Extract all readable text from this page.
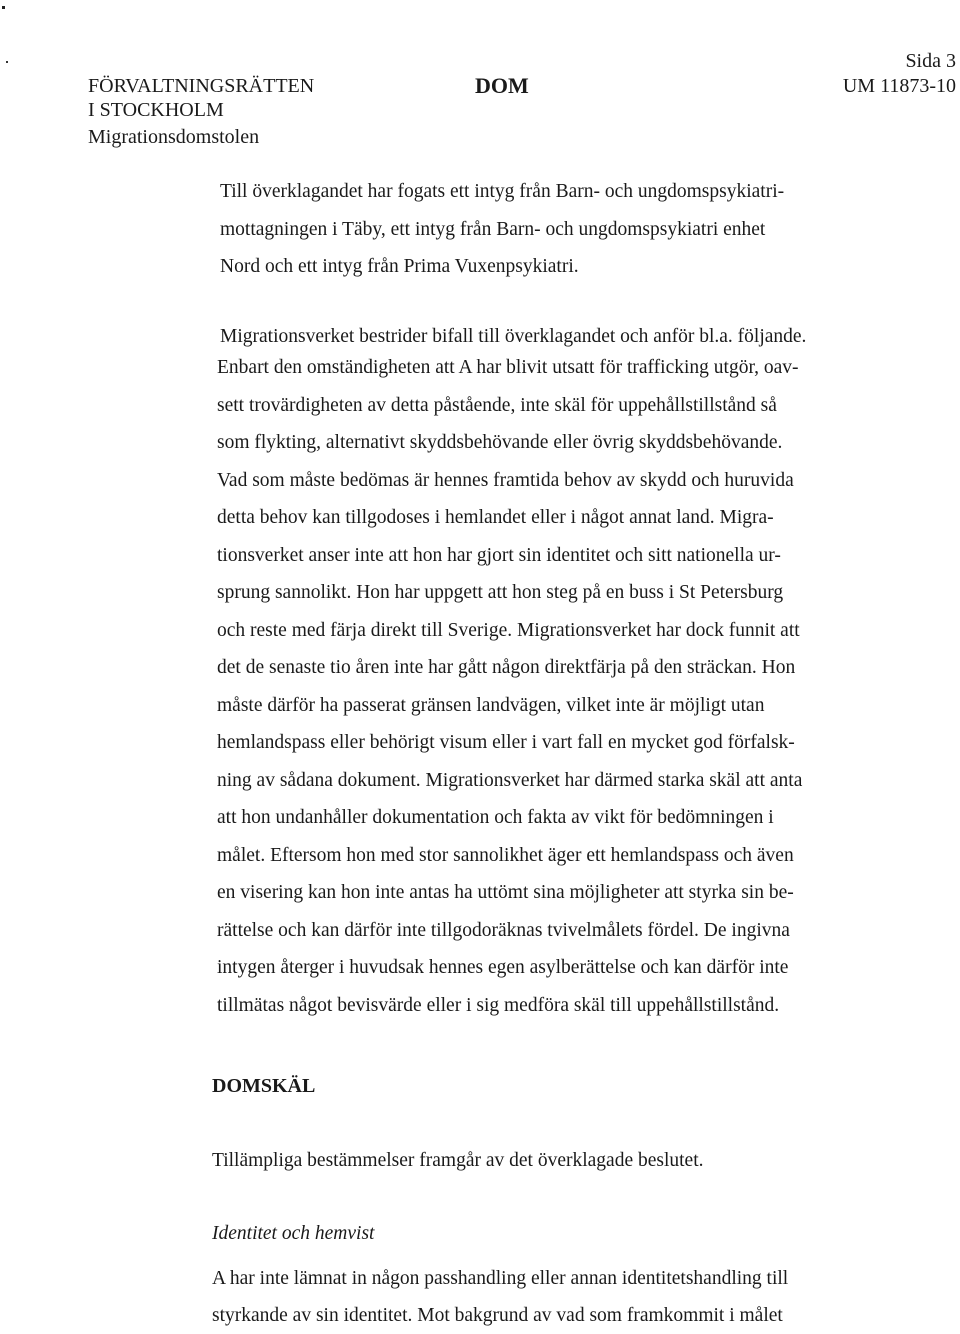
FÖRVALTNINGSRÄTTEN
I STOCKHOLM
Migrationsdomstolen
DOM
Sida 3
UM 11873-10
Till överklagandet har fogats ett intyg från Barn- och ungdomspsykiatri-
mottagningen i Täby, ett intyg från Barn- och ungdomspsykiatri enhet
Nord och ett intyg från Prima Vuxenpsykiatri.
Migrationsverket bestrider bifall till överklagandet och anför bl.a. följande.
Enbart den omständigheten att A har blivit utsatt för trafficking utgör, oav-
sett trovärdigheten av detta påstående, inte skäl för uppehållstillstånd så
som flykting, alternativt skyddsbehövande eller övrig skyddsbehövande.
Vad som måste bedömas är hennes framtida behov av skydd och huruvida
detta behov kan tillgodoses i hemlandet eller i något annat land. Migra-
tionsverket anser inte att hon har gjort sin identitet och sitt nationella ur-
sprung sannolikt. Hon har uppgett att hon steg på en buss i St Petersburg
och reste med färja direkt till Sverige. Migrationsverket har dock funnit att
det de senaste tio åren inte har gått någon direktfärja på den sträckan. Hon
måste därför ha passerat gränsen landvägen, vilket inte är möjligt utan
hemlandspass eller behörigt visum eller i vart fall en mycket god förfalsk-
ning av sådana dokument. Migrationsverket har därmed starka skäl att anta
att hon undanhåller dokumentation och fakta av vikt för bedömningen i
målet. Eftersom hon med stor sannolikhet äger ett hemlandspass och även
en visering kan hon inte antas ha uttömt sina möjligheter att styrka sin be-
rättelse och kan därför inte tillgodoräknas tvivelmålets fördel. De ingivna
intygen återger i huvudsak hennes egen asylberättelse och kan därför inte
tillmätas något bevisvärde eller i sig medföra skäl till uppehållstillstånd.
DOMSKÄL
Tillämpliga bestämmelser framgår av det överklagade beslutet.
Identitet och hemvist
A har inte lämnat in någon passhandling eller annan identitetshandling till
styrkande av sin identitet. Mot bakgrund av vad som framkommit i målet
